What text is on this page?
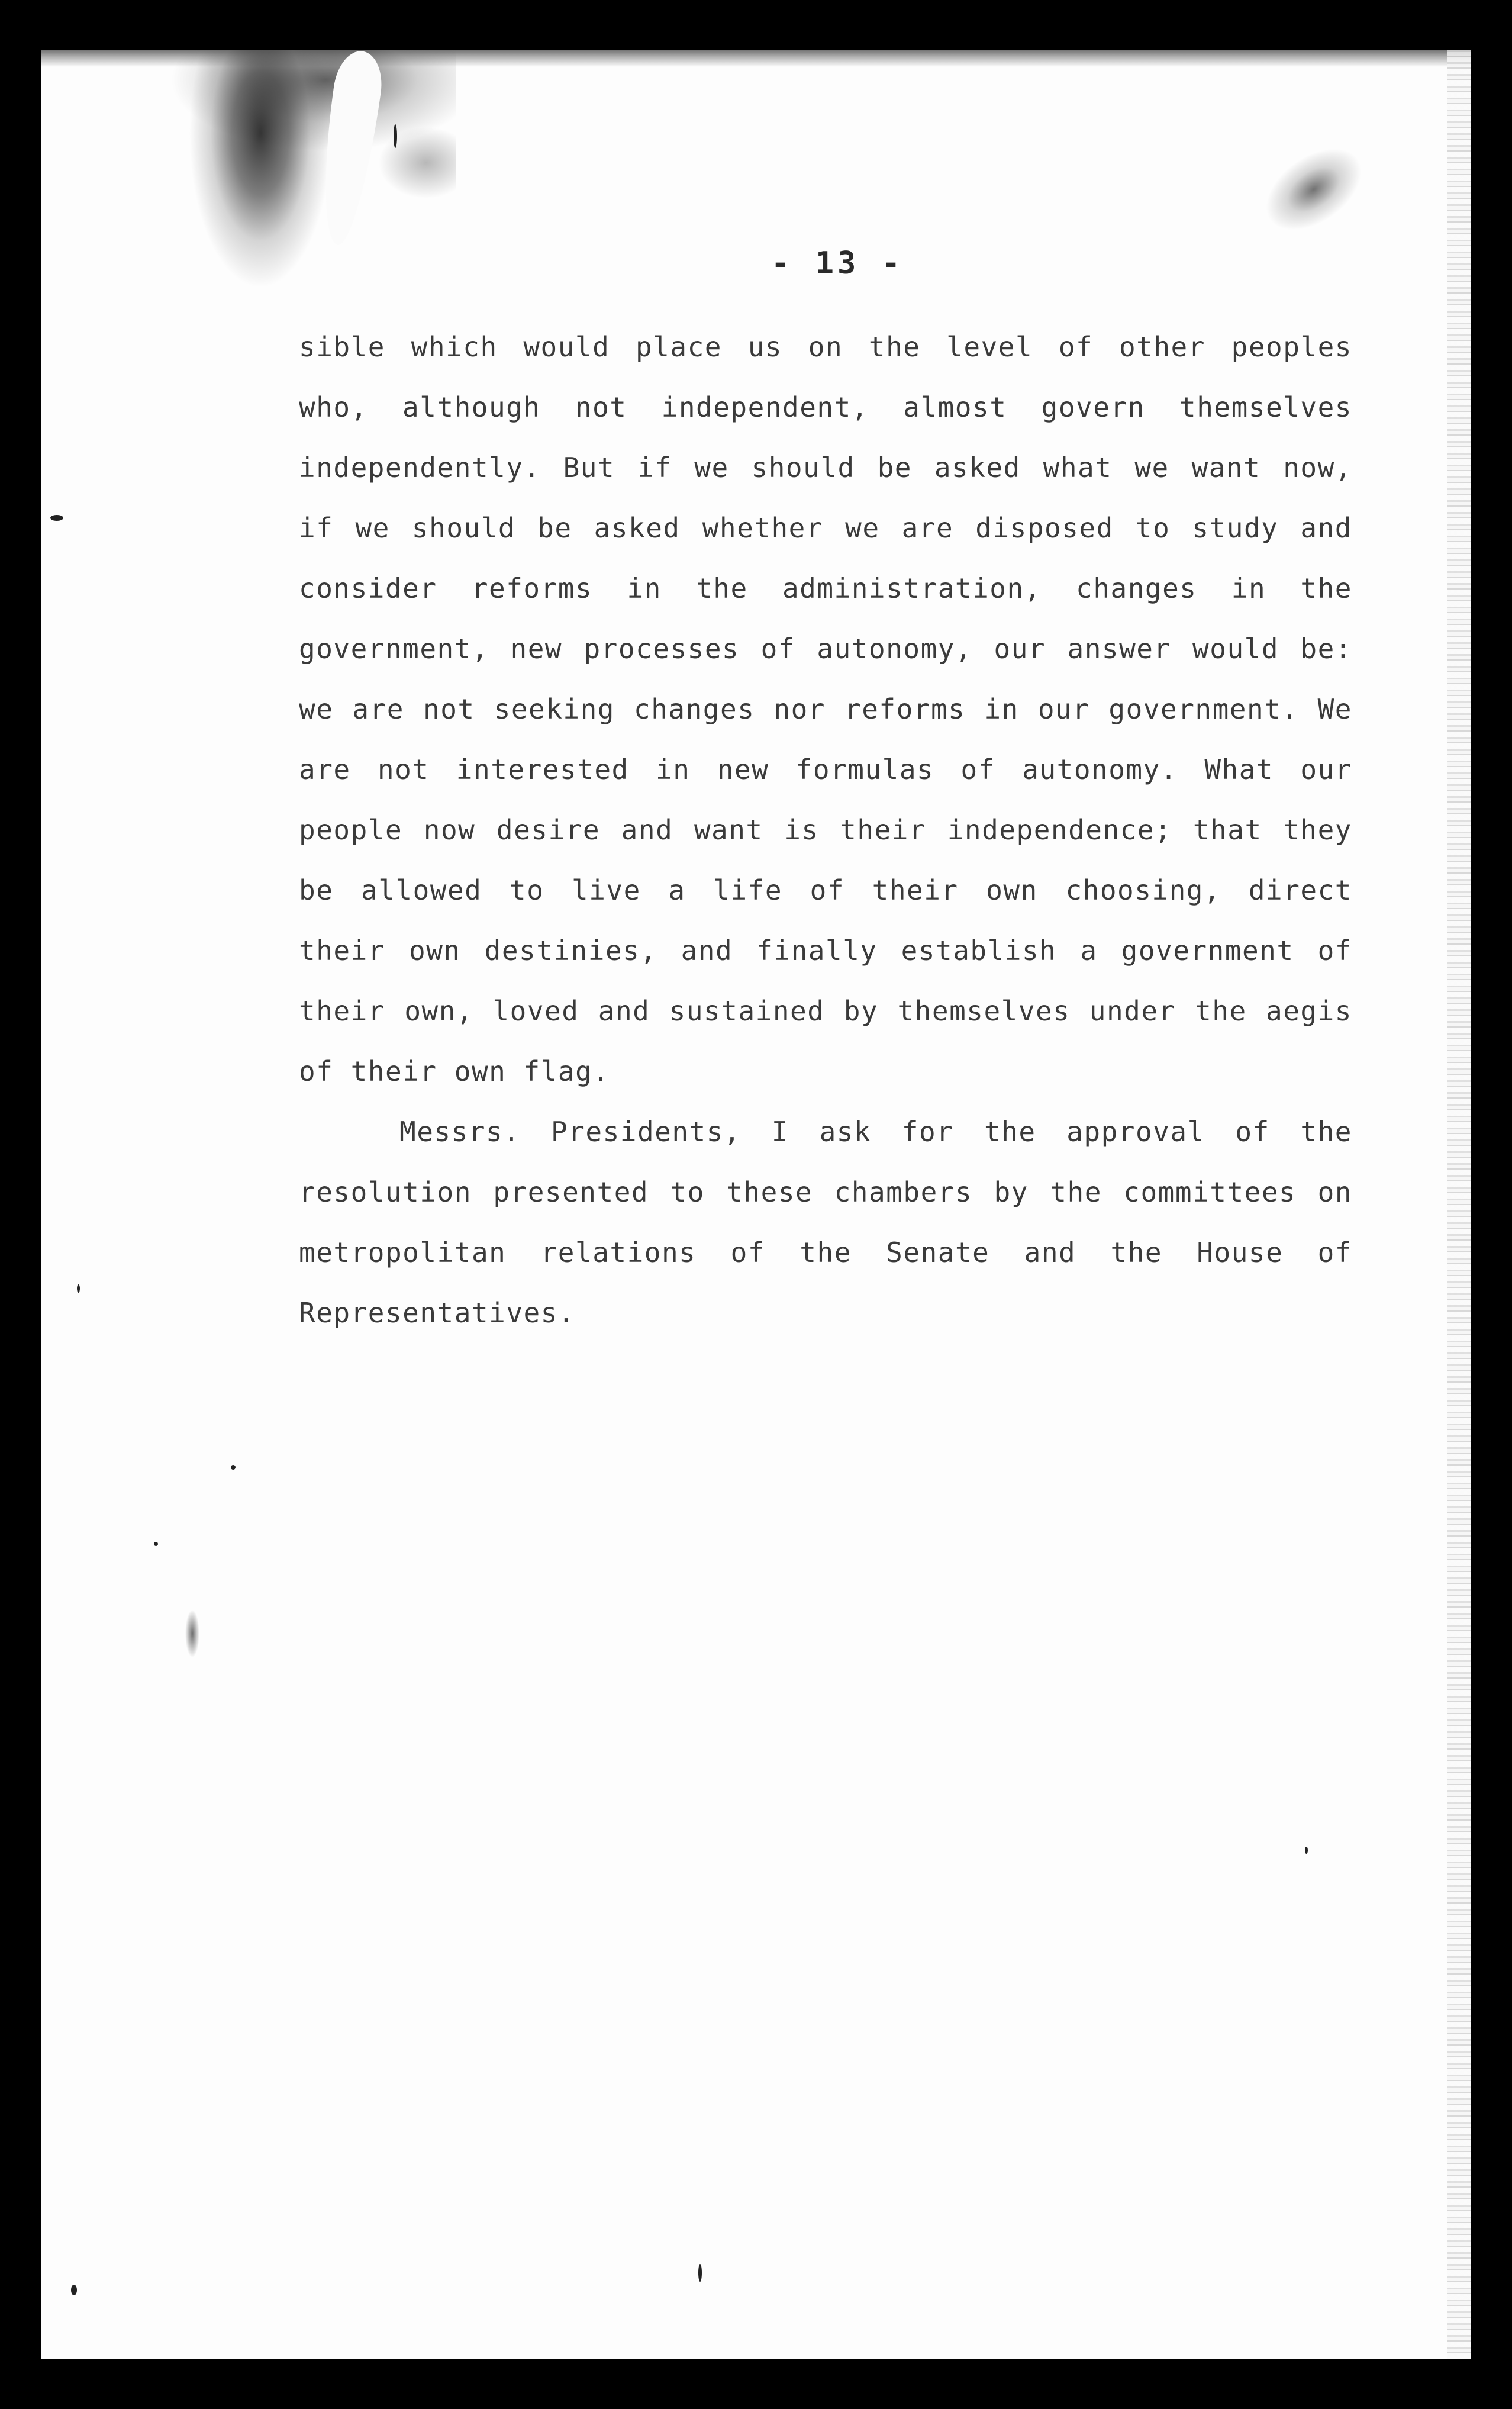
- 13 -

sible which would place us on the level of other peoples who, although not independent, almost govern themselves independently. But if we should be asked what we want now, if we should be asked whether we are disposed to study and consider reforms in the administration, changes in the government, new processes of autonomy, our answer would be: we are not seeking changes nor reforms in our government. We are not interested in new formulas of autonomy. What our people now desire and want is their independence; that they be allowed to live a life of their own choosing, direct their own destinies, and finally establish a government of their own, loved and sustained by themselves under the aegis of their own flag.

Messrs. Presidents, I ask for the approval of the resolution presented to these chambers by the committees on metropolitan relations of the Senate and the House of Representatives.
